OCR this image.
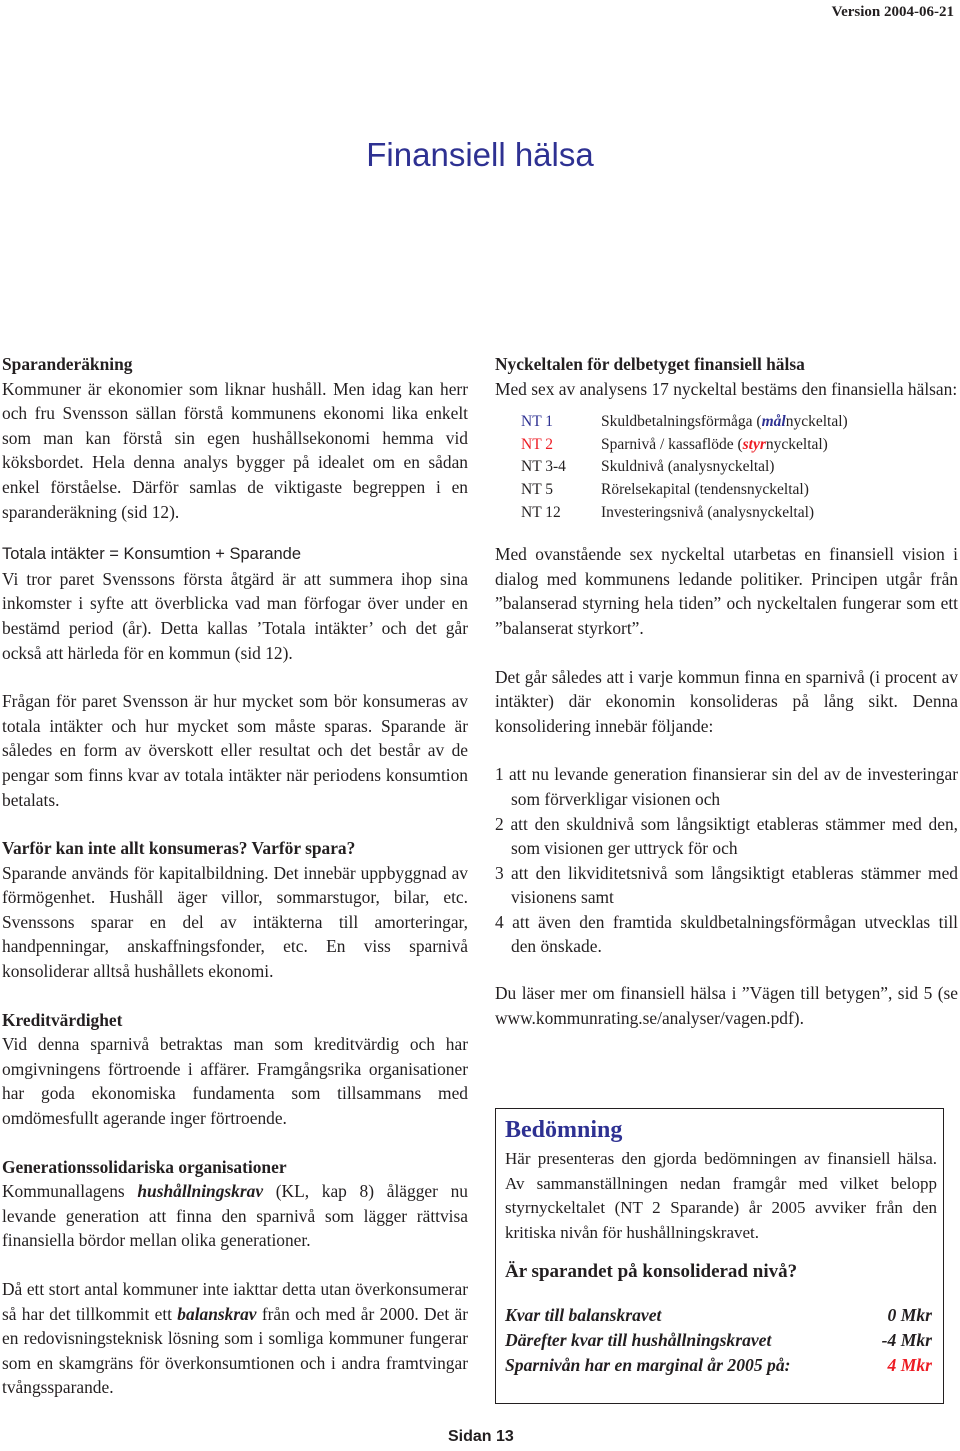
Version 2004-06-21
Finansiell hälsa

Sparanderäkning
Kommuner är ekonomier som liknar hushåll. Men idag kan herr och fru Svensson sällan förstå kommunens ekonomi lika enkelt som man kan förstå sin egen hushållsekonomi hemma vid köksbordet. Hela denna analys bygger på idealet om en sådan enkel förståelse. Därför samlas de viktigaste begreppen i en sparanderäkning (sid 12).

Totala intäkter = Konsumtion + Sparande
Vi tror paret Svenssons första åtgärd är att summera ihop sina inkomster i syfte att överblicka vad man förfogar över under en bestämd period (år). Detta kallas ’Totala intäkter’ och det går också att härleda för en kommun (sid 12).

Frågan för paret Svensson är hur mycket som bör konsumeras av totala intäkter och hur mycket som måste sparas. Sparande är således en form av överskott eller resultat och det består av de pengar som finns kvar av totala intäkter när periodens konsumtion betalats.

Varför kan inte allt konsumeras? Varför spara?
Sparande används för kapitalbildning. Det innebär uppbyggnad av förmögenhet. Hushåll äger villor, sommarstugor, bilar, etc. Svenssons sparar en del av intäkterna till amorteringar, handpenningar, anskaffningsfonder, etc. En viss sparnivå konsoliderar alltså hushållets ekonomi.

Kreditvärdighet
Vid denna sparnivå betraktas man som kreditvärdig och har omgivningens förtroende i affärer. Framgångsrika organisationer har goda ekonomiska fundamenta som tillsammans med omdömesfullt agerande inger förtroende.

Generationssolidariska organisationer
Kommunallagens hushållningskrav (KL, kap 8) ålägger nu levande generation att finna den sparnivå som lägger rättvisa finansiella bördor mellan olika generationer.

Då ett stort antal kommuner inte iakttar detta utan överkonsumerar så har det tillkommit ett balanskrav från och med år 2000. Det är en redovisningsteknisk lösning som i somliga kommuner fungerar som en skamgräns för överkonsumtionen och i andra framtvingar tvångssparande.

Nyckeltalen för delbetyget finansiell hälsa
Med sex av analysens 17 nyckeltal bestäms den finansiella hälsan:
NT 1	Skuldbetalningsförmåga (målnyckeltal)
NT 2	Sparnivå / kassaflöde (styrnyckeltal)
NT 3-4	Skuldnivå (analysnyckeltal)
NT 5	Rörelsekapital (tendensnyckeltal)
NT 12	Investeringsnivå (analysnyckeltal)

Med ovanstående sex nyckeltal utarbetas en finansiell vision i dialog med kommunens ledande politiker. Principen utgår från ”balanserad styrning hela tiden” och nyckeltalen fungerar som ett ”balanserat styrkort”.

Det går således att i varje kommun finna en sparnivå (i procent av intäkter) där ekonomin konsolideras på lång sikt. Denna konsolidering innebär följande:

1 att nu levande generation finansierar sin del av de investeringar som förverkligar visionen och
2 att den skuldnivå som långsiktigt etableras stämmer med den, som visionen ger uttryck för och
3 att den likviditetsnivå som långsiktigt etableras stämmer med visionens samt
4 att även den framtida skuldbetalningsförmågan utvecklas till den önskade.

Du läser mer om finansiell hälsa i ”Vägen till betygen”, sid 5 (se www.kommunrating.se/analyser/vagen.pdf).

Bedömning
Här presenteras den gjorda bedömningen av finansiell hälsa. Av sammanställningen nedan framgår med vilket belopp styrnyckeltalet (NT 2 Sparande) år 2005 avviker från den kritiska nivån för hushållningskravet.
Är sparandet på konsoliderad nivå?
Kvar till balanskravet	0 Mkr
Därefter kvar till hushållningskravet	-4 Mkr
Sparnivån har en marginal år 2005 på:	4 Mkr
Sidan 13
